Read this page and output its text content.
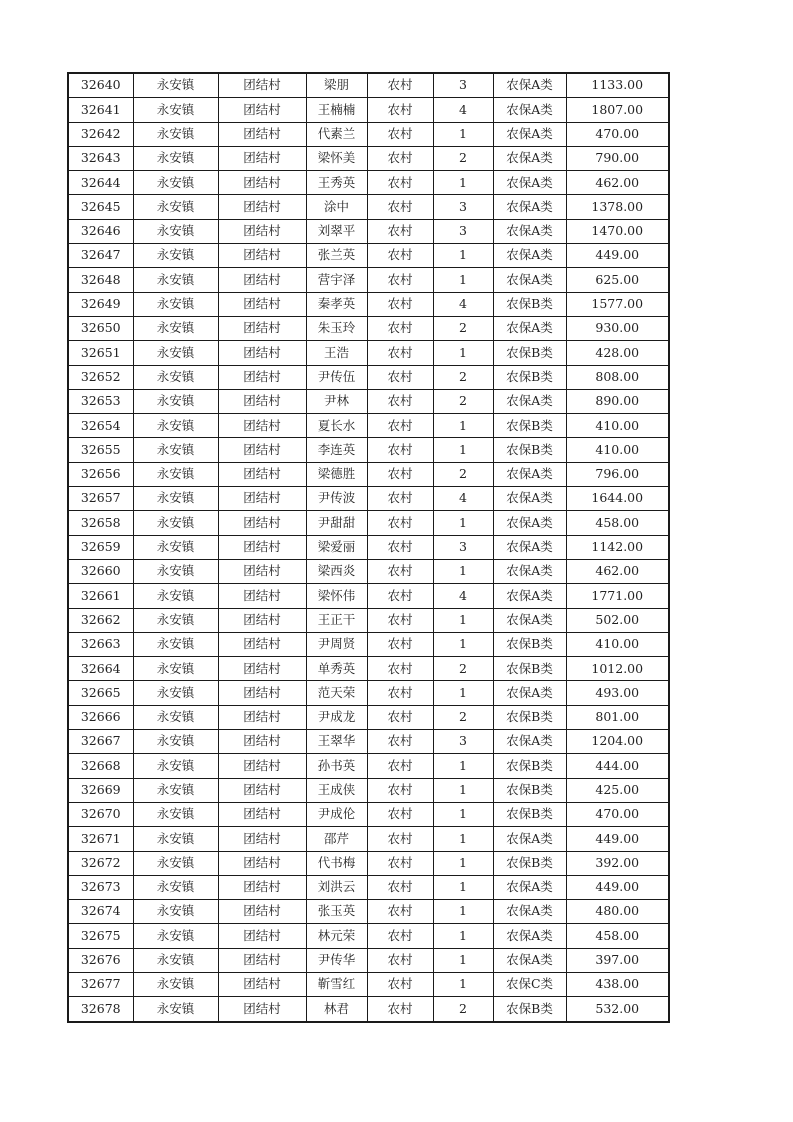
32640	永安镇	团结村	梁朋	农村	3	农保A类	1133.00
32641	永安镇	团结村	王楠楠	农村	4	农保A类	1807.00
32642	永安镇	团结村	代素兰	农村	1	农保A类	470.00
32643	永安镇	团结村	梁怀美	农村	2	农保A类	790.00
32644	永安镇	团结村	王秀英	农村	1	农保A类	462.00
32645	永安镇	团结村	涂中	农村	3	农保A类	1378.00
32646	永安镇	团结村	刘翠平	农村	3	农保A类	1470.00
32647	永安镇	团结村	张兰英	农村	1	农保A类	449.00
32648	永安镇	团结村	营宇泽	农村	1	农保A类	625.00
32649	永安镇	团结村	秦孝英	农村	4	农保B类	1577.00
32650	永安镇	团结村	朱玉玲	农村	2	农保A类	930.00
32651	永安镇	团结村	王浩	农村	1	农保B类	428.00
32652	永安镇	团结村	尹传伍	农村	2	农保B类	808.00
32653	永安镇	团结村	尹林	农村	2	农保A类	890.00
32654	永安镇	团结村	夏长水	农村	1	农保B类	410.00
32655	永安镇	团结村	李连英	农村	1	农保B类	410.00
32656	永安镇	团结村	梁德胜	农村	2	农保A类	796.00
32657	永安镇	团结村	尹传波	农村	4	农保A类	1644.00
32658	永安镇	团结村	尹甜甜	农村	1	农保A类	458.00
32659	永安镇	团结村	梁爱丽	农村	3	农保A类	1142.00
32660	永安镇	团结村	梁西炎	农村	1	农保A类	462.00
32661	永安镇	团结村	梁怀伟	农村	4	农保A类	1771.00
32662	永安镇	团结村	王正干	农村	1	农保A类	502.00
32663	永安镇	团结村	尹周贤	农村	1	农保B类	410.00
32664	永安镇	团结村	单秀英	农村	2	农保B类	1012.00
32665	永安镇	团结村	范天荣	农村	1	农保A类	493.00
32666	永安镇	团结村	尹成龙	农村	2	农保B类	801.00
32667	永安镇	团结村	王翠华	农村	3	农保A类	1204.00
32668	永安镇	团结村	孙书英	农村	1	农保B类	444.00
32669	永安镇	团结村	王成侠	农村	1	农保B类	425.00
32670	永安镇	团结村	尹成伦	农村	1	农保B类	470.00
32671	永安镇	团结村	邵芹	农村	1	农保A类	449.00
32672	永安镇	团结村	代书梅	农村	1	农保B类	392.00
32673	永安镇	团结村	刘洪云	农村	1	农保A类	449.00
32674	永安镇	团结村	张玉英	农村	1	农保A类	480.00
32675	永安镇	团结村	林元荣	农村	1	农保A类	458.00
32676	永安镇	团结村	尹传华	农村	1	农保A类	397.00
32677	永安镇	团结村	靳雪红	农村	1	农保C类	438.00
32678	永安镇	团结村	林君	农村	2	农保B类	532.00
